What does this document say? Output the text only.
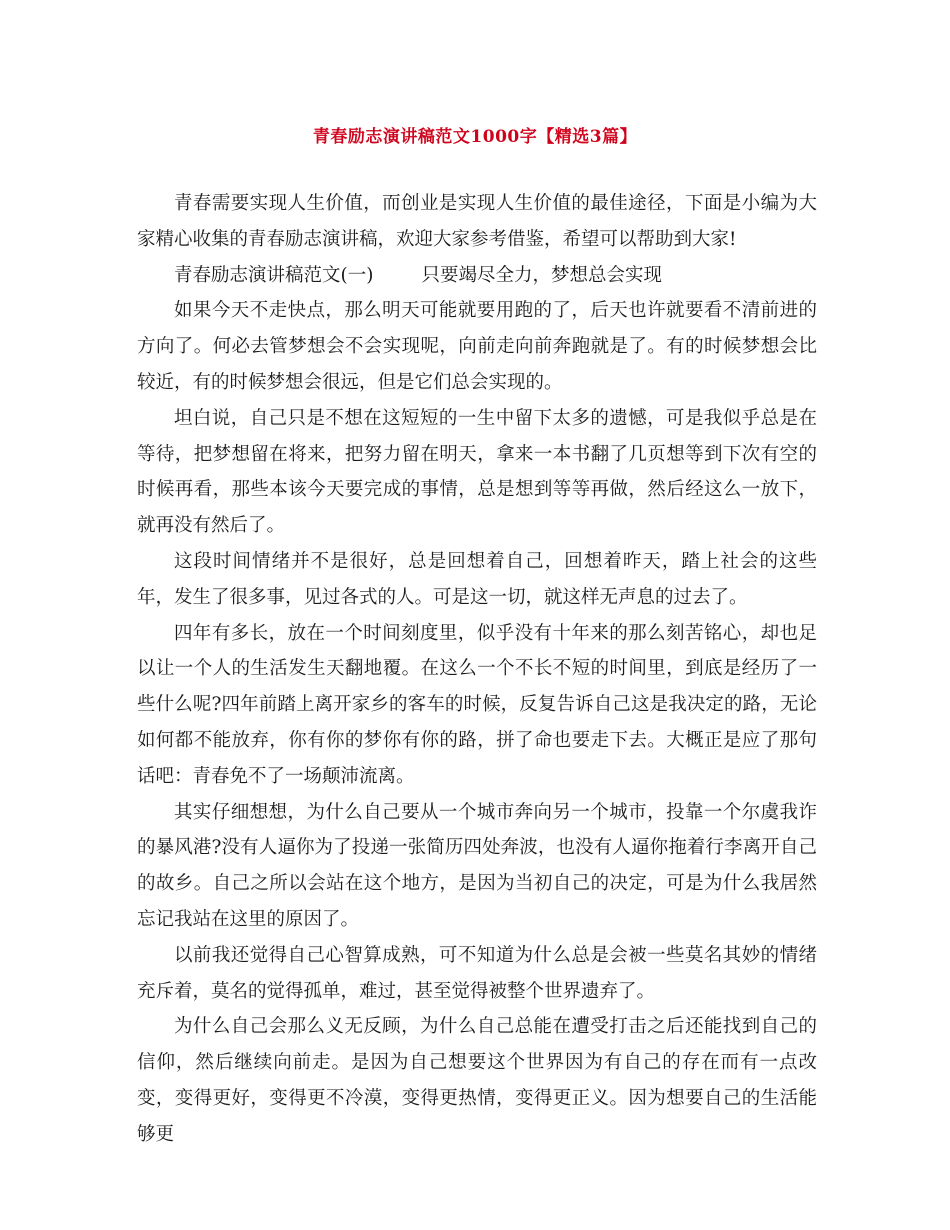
青春励志演讲稿范文1000字【精选3篇】

青春需要实现人生价值，而创业是实现人生价值的最佳途径，下面是小编为大家精心收集的青春励志演讲稿，欢迎大家参考借鉴，希望可以帮助到大家!

青春励志演讲稿范文(一)	只要竭尽全力，梦想总会实现

如果今天不走快点，那么明天可能就要用跑的了，后天也许就要看不清前进的方向了。何必去管梦想会不会实现呢，向前走向前奔跑就是了。有的时候梦想会比较近，有的时候梦想会很远，但是它们总会实现的。

坦白说，自己只是不想在这短短的一生中留下太多的遗憾，可是我似乎总是在等待，把梦想留在将来，把努力留在明天，拿来一本书翻了几页想等到下次有空的时候再看，那些本该今天要完成的事情，总是想到等等再做，然后经这么一放下，就再没有然后了。

这段时间情绪并不是很好，总是回想着自己，回想着昨天，踏上社会的这些年，发生了很多事，见过各式的人。可是这一切，就这样无声息的过去了。

四年有多长，放在一个时间刻度里，似乎没有十年来的那么刻苦铭心，却也足以让一个人的生活发生天翻地覆。在这么一个不长不短的时间里，到底是经历了一些什么呢?四年前踏上离开家乡的客车的时候，反复告诉自己这是我决定的路，无论如何都不能放弃，你有你的梦你有你的路，拼了命也要走下去。大概正是应了那句话吧：青春免不了一场颠沛流离。

其实仔细想想，为什么自己要从一个城市奔向另一个城市，投靠一个尔虞我诈的暴风港?没有人逼你为了投递一张简历四处奔波，也没有人逼你拖着行李离开自己的故乡。自己之所以会站在这个地方，是因为当初自己的决定，可是为什么我居然忘记我站在这里的原因了。

以前我还觉得自己心智算成熟，可不知道为什么总是会被一些莫名其妙的情绪充斥着，莫名的觉得孤单，难过，甚至觉得被整个世界遗弃了。

为什么自己会那么义无反顾，为什么自己总能在遭受打击之后还能找到自己的信仰，然后继续向前走。是因为自己想要这个世界因为有自己的存在而有一点改变，变得更好，变得更不冷漠，变得更热情，变得更正义。因为想要自己的生活能够更
